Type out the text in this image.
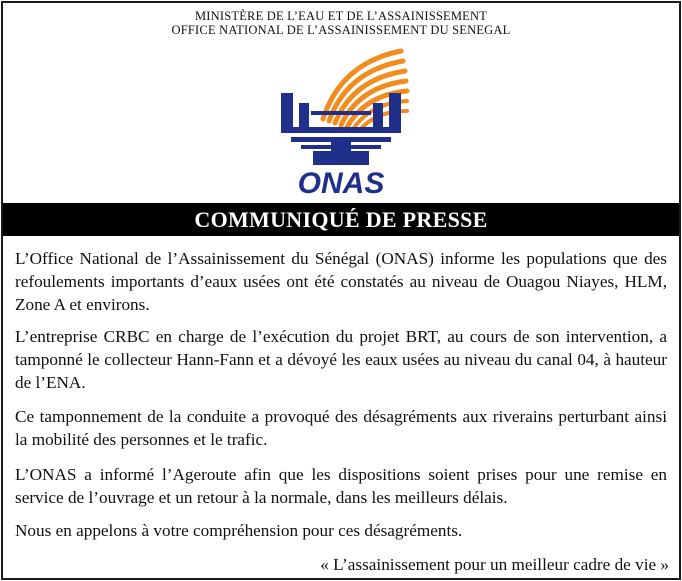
MINISTÈRE DE L’EAU ET DE L’ASSAINISSEMENT
OFFICE NATIONAL DE L’ASSAINISSEMENT DU SENEGAL
ONAS
COMMUNIQUÉ DE PRESSE

L’Office National de l’Assainissement du Sénégal (ONAS) informe les populations que des refoulements importants d’eaux usées ont été constatés au niveau de Ouagou Niayes, HLM, Zone A et environs.

L’entreprise CRBC en charge de l’exécution du projet BRT, au cours de son intervention, a tamponné le collecteur Hann-Fann et a dévoyé les eaux usées au niveau du canal 04, à hauteur de l’ENA.

Ce tamponnement de la conduite a provoqué des désagréments aux riverains perturbant ainsi la mobilité des personnes et le trafic.

L’ONAS a informé l’Ageroute afin que les dispositions soient prises pour une remise en service de l’ouvrage et un retour à la normale, dans les meilleurs délais.

Nous en appelons à votre compréhension pour ces désagréments.

« L’assainissement pour un meilleur cadre de vie »
